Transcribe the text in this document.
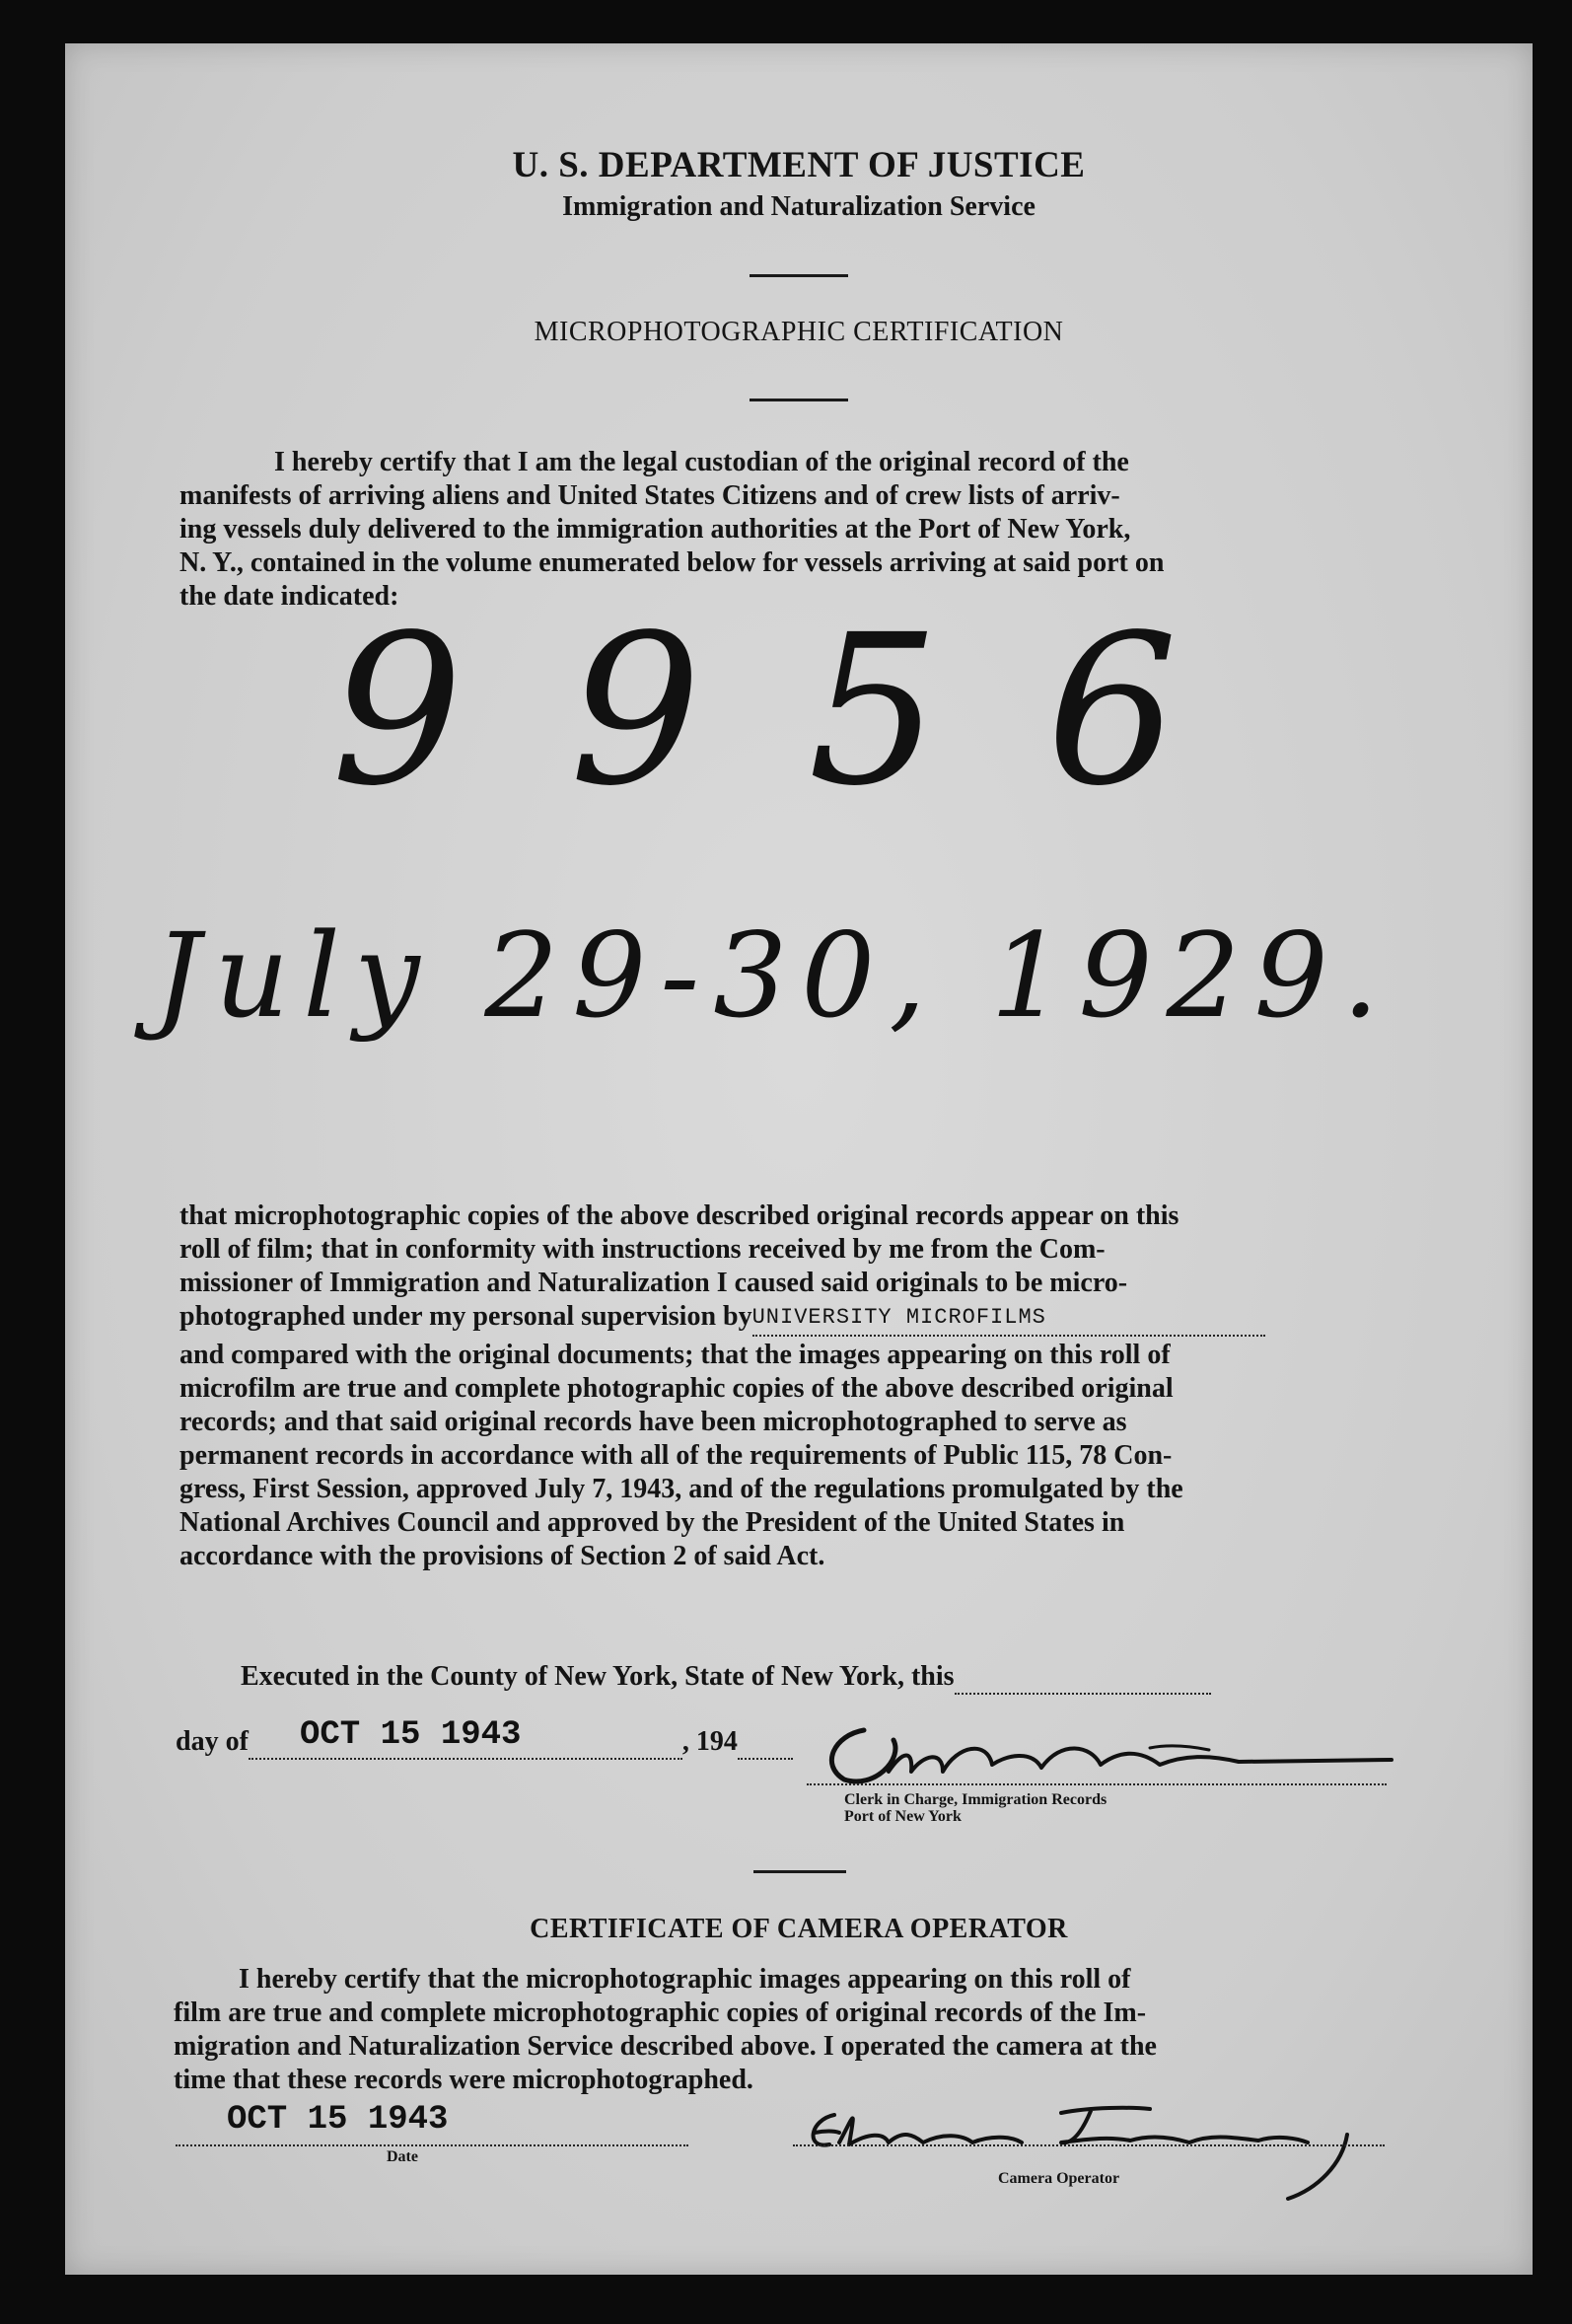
U. S. DEPARTMENT OF JUSTICE
Immigration and Naturalization Service
MICROPHOTOGRAPHIC CERTIFICATION
I hereby certify that I am the legal custodian of the original record of the
manifests of arriving aliens and United States Citizens and of crew lists of arriv-
ing vessels duly delivered to the immigration authorities at the Port of New York,
N. Y., contained in the volume enumerated below for vessels arriving at said port on
the date indicated:
9956
July 29-30, 1929.
that microphotographic copies of the above described original records appear on this
roll of film; that in conformity with instructions received by me from the Com-
missioner of Immigration and Naturalization I caused said originals to be micro-
photographed under my personal supervision byUNIVERSITY MICROFILMS
and compared with the original documents; that the images appearing on this roll of
microfilm are true and complete photographic copies of the above described original
records; and that said original records have been microphotographed to serve as
permanent records in accordance with all of the requirements of Public 115, 78 Con-
gress, First Session, approved July 7, 1943, and of the regulations promulgated by the
National Archives Council and approved by the President of the United States in
accordance with the provisions of Section 2 of said Act.
Executed in the County of New York, State of New York, this
day of	, 194
OCT 15 1943
Clerk in Charge, Immigration Records
Port of New York
CERTIFICATE OF CAMERA OPERATOR
I hereby certify that the microphotographic images appearing on this roll of
film are true and complete microphotographic copies of original records of the Im-
migration and Naturalization Service described above. I operated the camera at the
time that these records were microphotographed.
OCT 15 1943
Date
Camera Operator
